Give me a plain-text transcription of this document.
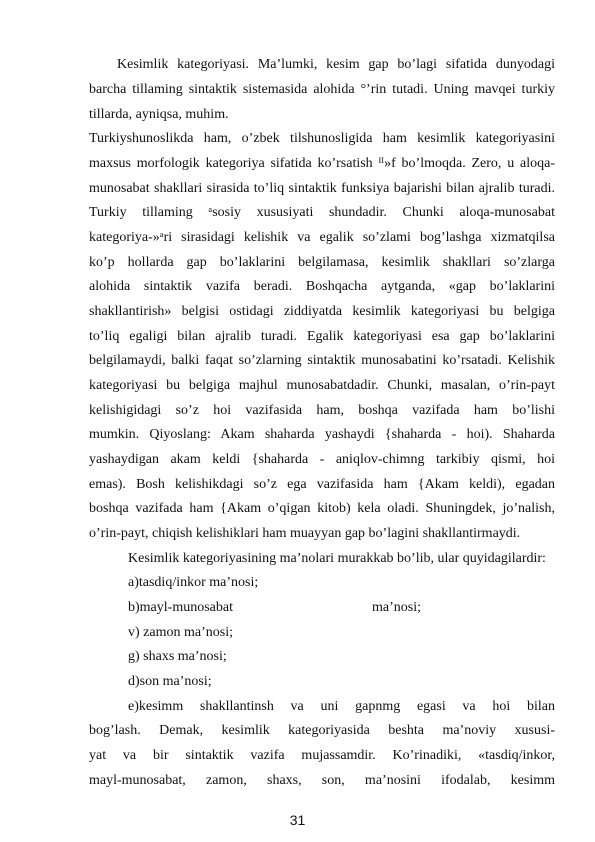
Kesimlik kategoriyasi. Ma’lumki, kesim gap bo’lagi sifatida dunyodagi
barcha tillaming sintaktik sistemasida alohida °’rin tutadi. Uning mavqei turkiy
tillarda, ayniqsa, muhim.
Turkiyshunoslikda ham, o’zbek tilshunosligida ham kesimlik kategoriyasini
maxsus morfologik kategoriya sifatida ko’rsatish ᴵᴵ»f bo’lmoqda. Zero, u aloqa-
munosabat shakllari sirasida to’liq sintaktik funksiya bajarishi bilan ajralib turadi.
Turkiy tillaming ᵃsosiy xususiyati shundadir. Chunki aloqa-munosabat
kategoriya-»ᵃri sirasidagi kelishik va egalik so’zlami bog’lashga xizmatqilsa
ko’p hollarda gap bo’laklarini belgilamasa, kesimlik shakllari so’zlarga
alohida sintaktik vazifa beradi. Boshqacha aytganda, «gap bo’laklarini
shakllantirish» belgisi ostidagi ziddiyatda kesimlik kategoriyasi bu belgiga
to’liq egaligi bilan ajralib turadi. Egalik kategoriyasi esa gap bo’laklarini
belgilamaydi, balki faqat so’zlarning sintaktik munosabatini ko’rsatadi. Kelishik
kategoriyasi bu belgiga majhul munosabatdadir. Chunki, masalan, o’rin-payt
kelishigidagi so’z hoi vazifasida ham, boshqa vazifada ham bo’lishi
mumkin. Qiyoslang: Akam shaharda yashaydi {shaharda - hoi). Shaharda
yashaydigan akam keldi {shaharda - aniqlov-chimng tarkibiy qismi, hoi
emas). Bosh kelishikdagi so’z ega vazifasida ham {Akam keldi), egadan
boshqa vazifada ham {Akam o’qigan kitob) kela oladi. Shuningdek, jo’nalish,
o’rin-payt, chiqish kelishiklari ham muayyan gap bo’lagini shakllantirmaydi.
Kesimlik kategoriyasining ma’nolari murakkab bo’lib, ular quyidagilardir:
a)tasdiq/inkor ma’nosi;
b)mayl-munosabat	ma’nosi;
v) zamon ma’nosi;
g) shaxs ma’nosi;
d)son ma’nosi;
e)kesimm shakllantinsh va uni gapnmg egasi va hoi bilan
bog’lash. Demak, kesimlik kategoriyasida beshta ma’noviy xususi-
yat va bir sintaktik vazifa mujassamdir. Ko’rinadiki, «tasdiq/inkor,
mayl-munosabat, zamon, shaxs, son, ma’nosini ifodalab, kesimm
31
